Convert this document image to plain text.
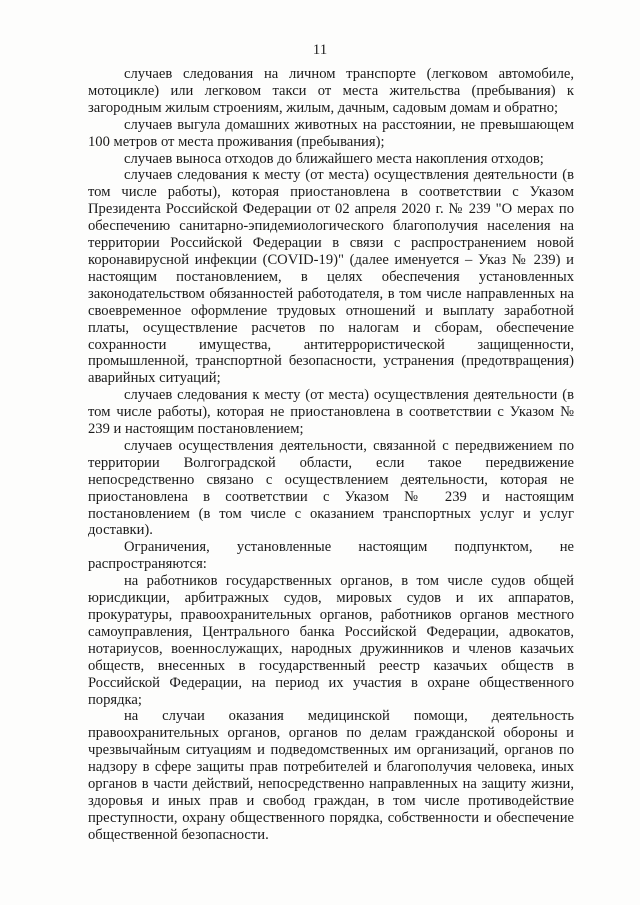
11

случаев следования на личном транспорте (легковом автомобиле, мотоцикле) или легковом такси от места жительства (пребывания) к загородным жилым строениям, жилым, дачным, садовым домам и обратно;

случаев выгула домашних животных на расстоянии, не превышающем 100 метров от места проживания (пребывания);

случаев выноса отходов до ближайшего места накопления отходов;

случаев следования к месту (от места) осуществления деятельности (в том числе работы), которая приостановлена в соответствии с Указом Президента Российской Федерации от 02 апреля 2020 г. № 239 "О мерах по обеспечению санитарно-эпидемиологического благополучия населения на территории Российской Федерации в связи с распространением новой коронавирусной инфекции (COVID-19)" (далее именуется – Указ № 239) и настоящим постановлением, в целях обеспечения установленных законодательством обязанностей работодателя, в том числе направленных на своевременное оформление трудовых отношений и выплату заработной платы, осуществление расчетов по налогам и сборам, обеспечение сохранности имущества, антитеррористической защищенности, промышленной, транспортной безопасности, устранения (предотвращения) аварийных ситуаций;

случаев следования к месту (от места) осуществления деятельности (в том числе работы), которая не приостановлена в соответствии с Указом № 239 и настоящим постановлением;

случаев осуществления деятельности, связанной с передвижением по территории Волгоградской области, если такое передвижение непосредственно связано с осуществлением деятельности, которая не приостановлена в соответствии с Указом № 239 и настоящим постановлением (в том числе с оказанием транспортных услуг и услуг доставки).

Ограничения, установленные настоящим подпунктом, не распространяются:

на работников государственных органов, в том числе судов общей юрисдикции, арбитражных судов, мировых судов и их аппаратов, прокуратуры, правоохранительных органов, работников органов местного самоуправления, Центрального банка Российской Федерации, адвокатов, нотариусов, военнослужащих, народных дружинников и членов казачьих обществ, внесенных в государственный реестр казачьих обществ в Российской Федерации, на период их участия в охране общественного порядка;

на случаи оказания медицинской помощи, деятельность правоохранительных органов, органов по делам гражданской обороны и чрезвычайным ситуациям и подведомственных им организаций, органов по надзору в сфере защиты прав потребителей и благополучия человека, иных органов в части действий, непосредственно направленных на защиту жизни, здоровья и иных прав и свобод граждан, в том числе противодействие преступности, охрану общественного порядка, собственности и обеспечение общественной безопасности.
